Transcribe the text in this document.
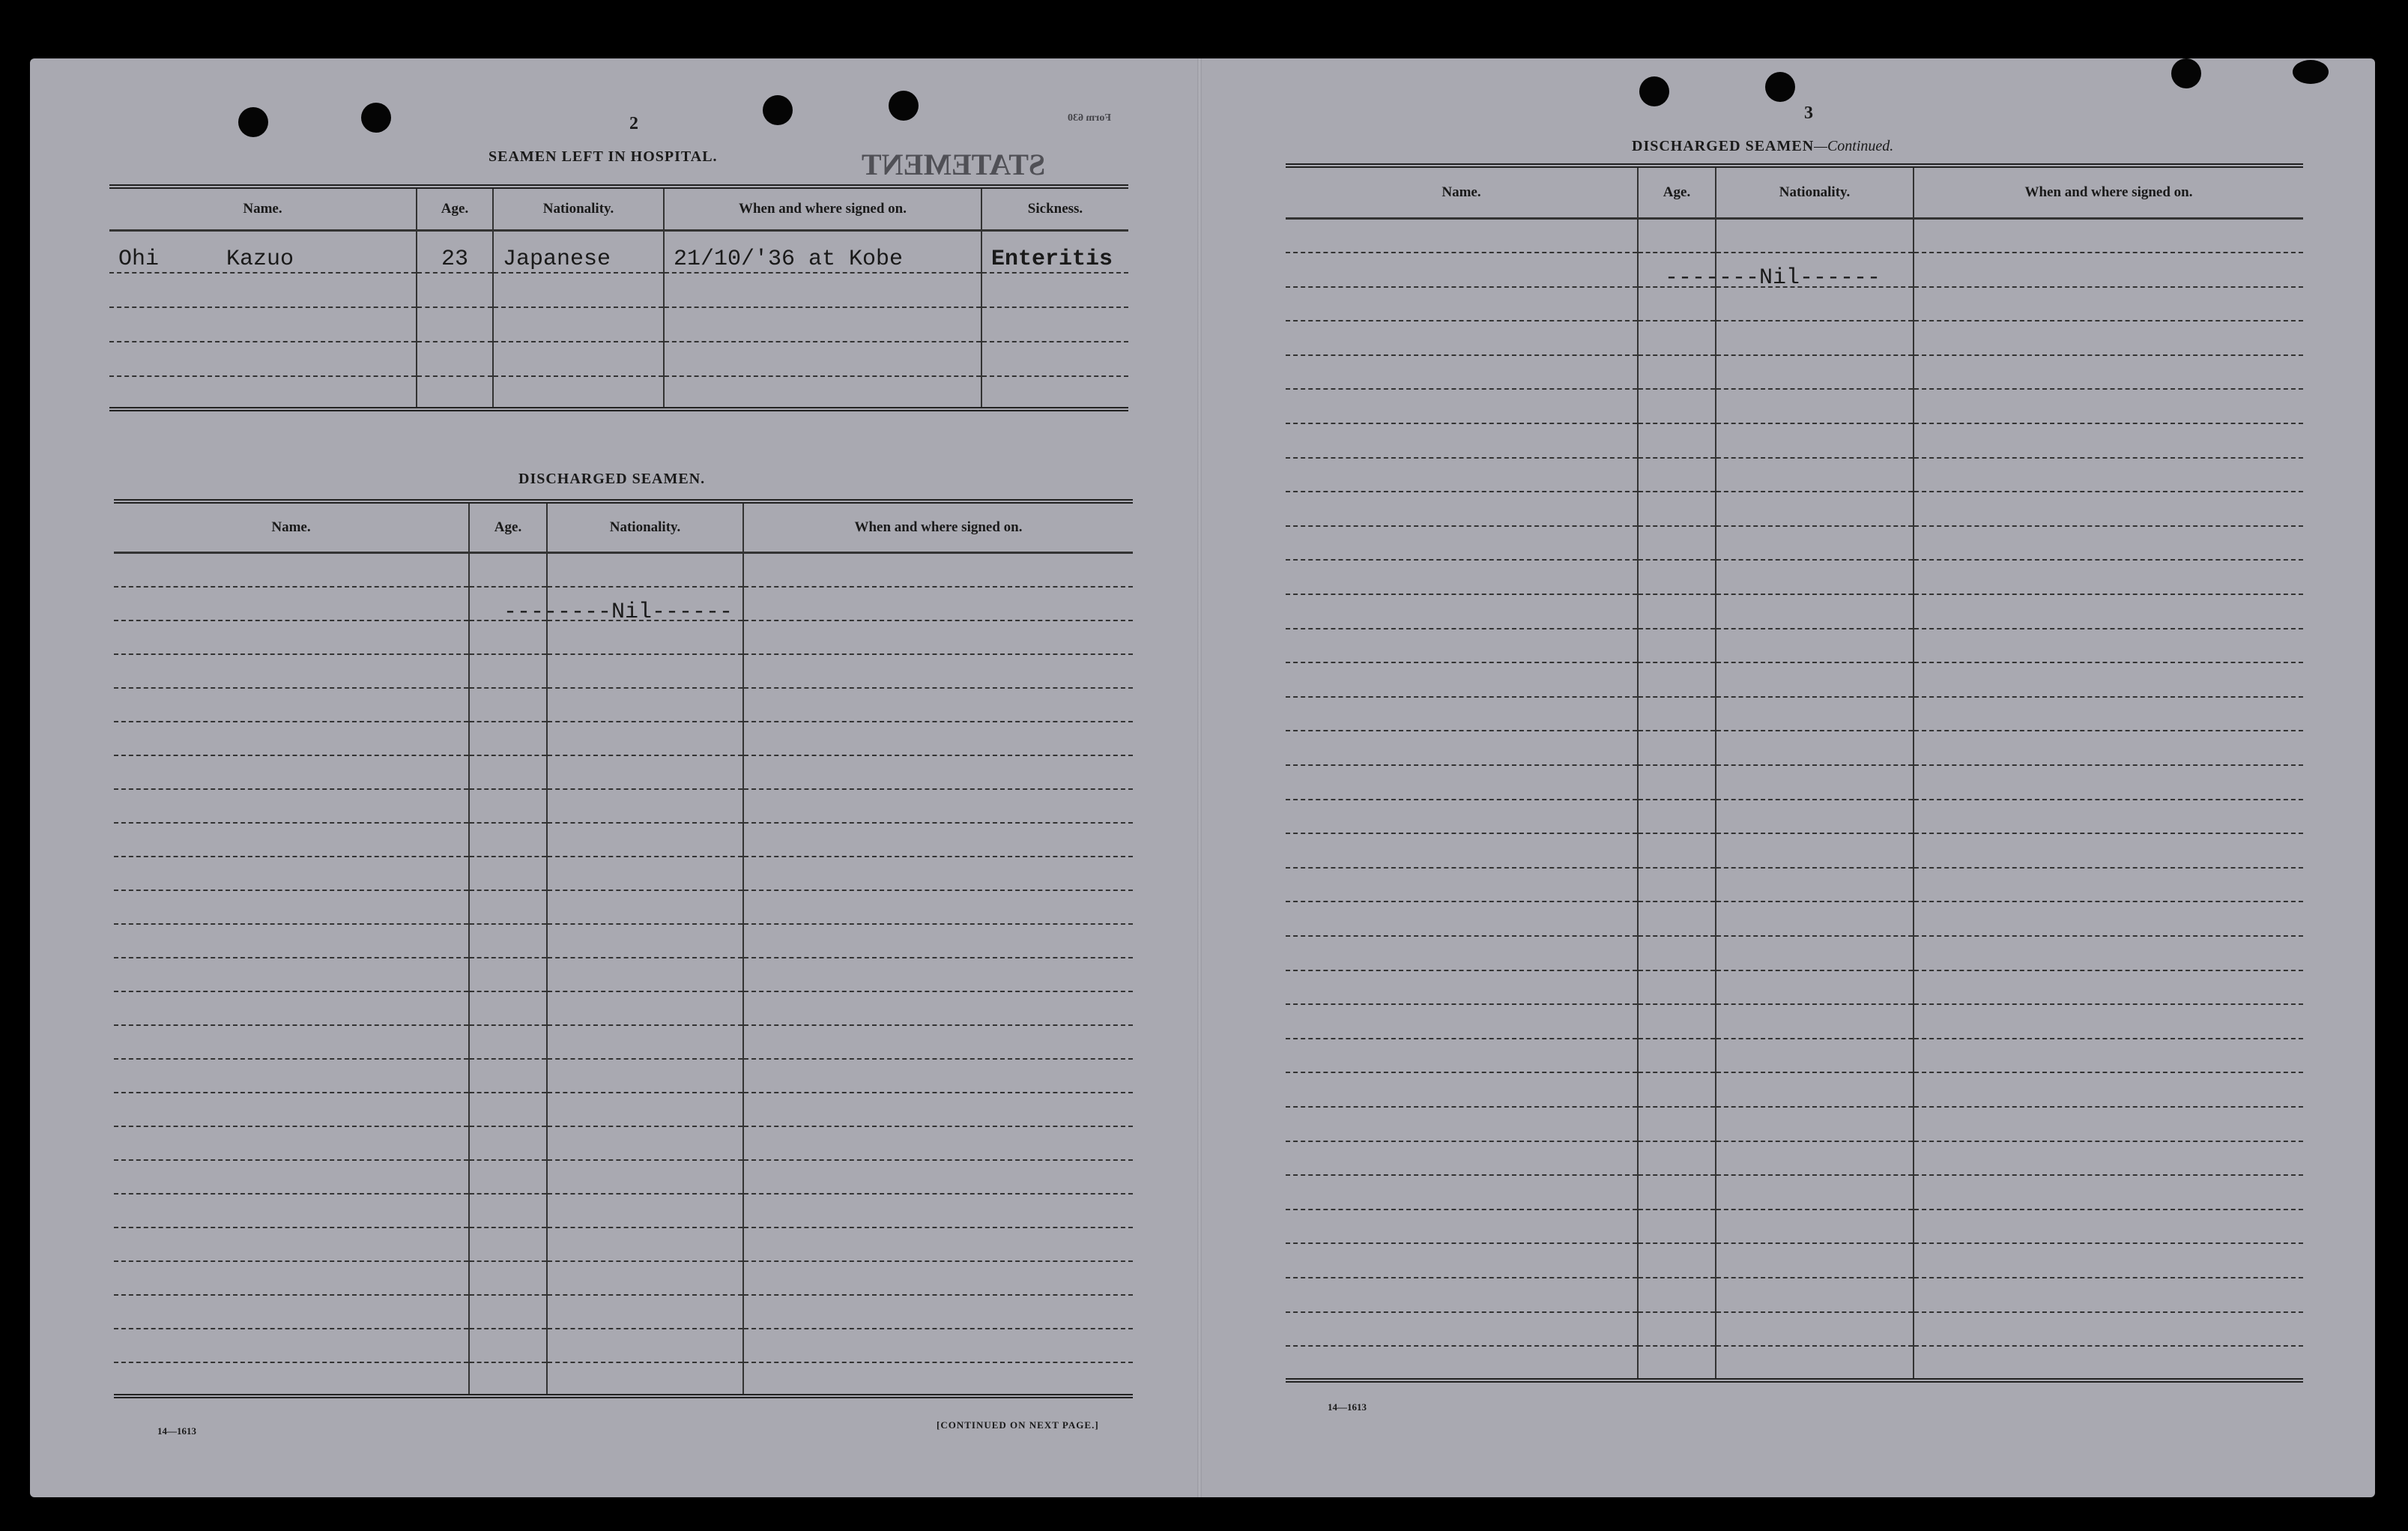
2	Form 630
STATEMENT
SEAMEN LEFT IN HOSPITAL.
Name.	Age.	Nationality.	When and where signed on.	Sickness.
Ohi     Kazuo	23	Japanese	21/10/'36 at Kobe	Enteritis

DISCHARGED SEAMEN.
Name.	Age.	Nationality.	When and where signed on.

--------Nil------
14—1613
[CONTINUED ON NEXT PAGE.]
3
DISCHARGED SEAMEN—Continued.
Name.	Age.	Nationality.	When and where signed on.

-------Nil------
14—1613
